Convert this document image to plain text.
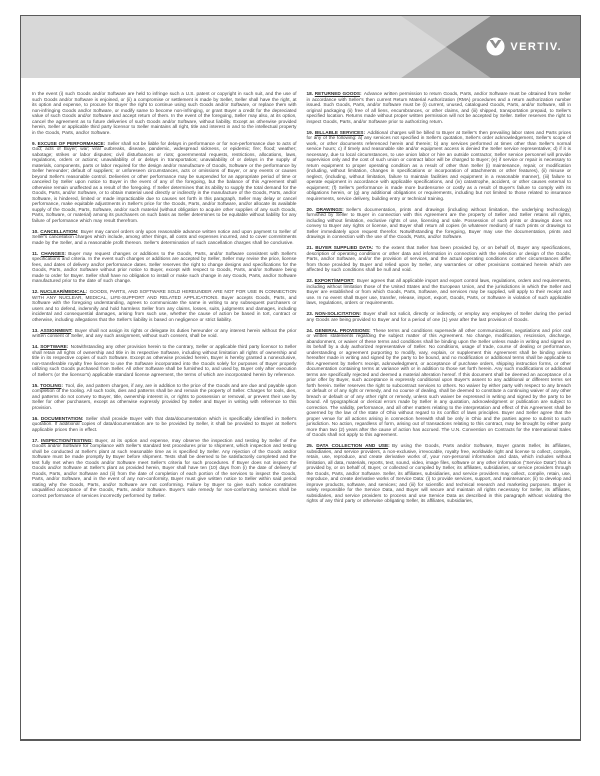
VERTIV.

In the event (i) such Goods and/or Software are held to infringe such a U.S. patent or copyright in such suit, and the use of such Goods and/or Software is enjoined, or (ii) a compromise or settlement is made by Seller, Seller shall have the right, at its option and expense, to procure for Buyer the right to continue using such Goods and/or Software, or replace them with non-infringing Goods and/or Software, or modify same to become non-infringing, or grant Buyer a credit for the depreciated value of such Goods and/or Software and accept return of them. In the event of the foregoing, Seller may also, at its option, cancel the agreement as to future deliveries of such Goods and/or Software, without liability. Except as otherwise provided herein, Seller or applicable third party licensor to Seller maintains all right, title and interest in and to the intellectual property in the Goods, Parts, and/or Software.

9. EXCUSE OF PERFORMANCE: Seller shall not be liable for delays in performance or for non-performance due to acts of God; acts of Buyer; war; viral outbreaks, disease, pandemic, widespread sickness, or epidemic; fire; flood; weather; sabotage; strikes or labor disputes; civil disturbances or riots; governmental requests, restrictions, allocations, laws, regulations, orders or actions; unavailability of or delays in transportation; unavailability of or delays in the supply of materials, components, parts or labor required for the design and/or manufacture of Goods, Software or the performance by Seller hereunder; default of suppliers; or unforeseen circumstances, acts or omissions of Buyer, or any events or causes beyond Seller's reasonable control. Deliveries or other performance may be suspended for an appropriate period of time or canceled by Seller upon notice to Buyer in the event of any of the foregoing, but the balance of this Agreement shall otherwise remain unaffected as a result of the foregoing. If Seller determines that its ability to supply the total demand for the Goods, Parts, and/or Software, or to obtain material used directly or indirectly in the manufacture of the Goods, Parts, and/or Software, is hindered, limited or made impracticable due to causes set forth in this paragraph, Seller may delay or cancel performance, make equitable adjustments in Seller's price for the Goods, Parts, and/or Software, and/or allocate its available supply of the Goods, Parts, Software, and/or such material (without obligation to acquire other supplies of any such Goods, Parts, Software, or material) among its purchasers on such basis as Seller determines to be equitable without liability for any failure of performance which may result therefrom.

10. CANCELLATION: Buyer may cancel orders only upon reasonable advance written notice and upon payment to Seller of Seller's cancellation charges which include, among other things, all costs and expenses incurred, and to cover commitments made by the Seller, and a reasonable profit thereon. Seller's determination of such cancellation charges shall be conclusive.

11. CHANGES: Buyer may request changes or additions to the Goods, Parts, and/or Software consistent with Seller's specifications and criteria. In the event such changes or additions are accepted by Seller, Seller may revise the price, license fees, and dates of delivery and/or performance dates. Seller reserves the right to change designs and specifications for the Goods, Parts, and/or Software without prior notice to Buyer, except with respect to Goods, Parts, and/or Software being made to order for Buyer. Seller shall have no obligation to install or make such change in any Goods, Parts, and/or Software manufactured prior to the date of such change.

12. NUCLEAR/MEDICAL: GOODS, PARTS, AND SOFTWARE SOLD HEREUNDER ARE NOT FOR USE IN CONNECTION WITH ANY NUCLEAR, MEDICAL, LIFE-SUPPORT AND RELATED APPLICATIONS. Buyer accepts Goods, Parts, and Software with the foregoing understanding, agrees to communicate the same in writing to any subsequent purchasers or users and to defend, indemnify and hold harmless Seller from any claims, losses, suits, judgments and damages, including incidental and consequential damages, arising from such use, whether the cause of action be based in tort, contract or otherwise, including allegations that the Seller's liability is based on negligence or strict liability.

13. ASSIGNMENT: Buyer shall not assign its rights or delegate its duties hereunder or any interest herein without the prior written consent of Seller, and any such assignment, without such consent, shall be void.

14. SOFTWARE: Notwithstanding any other provision herein to the contrary, Seller or applicable third party licensor to Seller shall retain all rights of ownership and title in its respective Software, including without limitation all rights of ownership and title in its respective copies of such Software. Except as otherwise provided herein, Buyer is hereby granted a nonexclusive, non-transferable royalty free license to use the Software incorporated into the Goods solely for purposes of Buyer properly utilizing such Goods purchased from Seller. All other Software shall be furnished to, and used by, Buyer only after execution of Seller's (or the licensor's) applicable standard license agreement, the terms of which are incorporated herein by reference.

15. TOOLING: Tool, die, and pattern charges, if any, are in addition to the price of the Goods and are due and payable upon completion of the tooling. All such tools, dies and patterns shall be and remain the property of Seller. Charges for tools, dies, and patterns do not convey to Buyer, title, ownership interest in, or rights to possession or removal, or prevent their use by Seller for other purchasers, except as otherwise expressly provided by Seller and Buyer in writing with reference to this provision.

16. DOCUMENTATION: Seller shall provide Buyer with that data/documentation which is specifically identified in Seller's quotation. If additional copies of data/documentation are to be provided by Seller, it shall be provided to Buyer at Seller's applicable prices then in effect.

17. INSPECTION/TESTING: Buyer, at its option and expense, may observe the inspection and testing by Seller of the Goods and/or Software for compliance with Seller's standard test procedures prior to shipment, which inspection and testing shall be conducted at Seller's plant at such reasonable time as is specified by Seller. Any rejection of the Goods and/or Software must be made promptly by Buyer before shipment. Tests shall be deemed to be satisfactorily completed and the test fully met when the Goods and/or Software meet Seller's criteria for such procedures. If Buyer does not inspect the Goods and/or Software at Seller's plant as provided herein, Buyer shall have ten (10) days from (i) the date of delivery of Goods, Parts, and/or Software and (ii) from the date of completion of each portion of the services to inspect the Goods, Parts, and/or Software, and in the event of any non-conformity, Buyer must give written notice to Seller within said period stating why the Goods, Parts, and/or Software are not conforming. Failure by Buyer to give such notice constitutes unqualified acceptance of the Goods, Parts, and/or Software. Buyer's sole remedy for non-conforming services shall be correct performance of services incorrectly performed by Seller.

18. RETURNED GOODS: Advance written permission to return Goods, Parts, and/or Software must be obtained from Seller in accordance with Seller's then current Return Material Authorization (RMA) procedures and a return authorization number issued. Such Goods, Parts, and/or Software must be (i) current, unused, catalogued Goods, Parts, and/or Software, still in original packaging (ii) free of all liens, encumbrances, or other claims, and (iii) shipped, transportation prepaid, to Seller's specified location. Returns made without proper written permission will not be accepted by Seller. Seller reserves the right to inspect Goods, Parts, and/or Software prior to authorizing return.

19. BILLABLE SERVICES: Additional charges will be billed to Buyer at Seller's then prevailing labor rates and Parts prices for any of the following: a) any services not specified in Seller's quotation, Seller's order acknowledgement, Seller's scope of work, or other documents referenced herein and therein; b) any services performed at times other than Seller's normal service hours; c) if timely and reasonable site and/or equipment access is denied the Seller service representative; d) if it is necessary, due to local circumstances, to use union labor or hire an outside contractor, Seller service personnel will provide supervision only and the cost of such union or contract labor will be charged to Buyer; (e) if service or repair is necessary to return equipment to proper operating condition as a result of other than Seller (i) maintenance, repair, or modification (including, without limitation, changes in specifications or incorporation of attachments or other features), (ii) misuse or neglect, (including, without limitation, failure to maintain facilities and equipment in a reasonable manner), (iii) failure to operate equipment in accordance with applicable specifications, and (iv) catastrophe, accident, or other causes external to equipment; (f) Seller's performance is made more burdensome or costly as a result of Buyer's failure to comply with its obligations herein, or (g) any additional obligations or requirements, including but not limited to those related to insurance requirements, service delivery, building entry or technical training.

20. DRAWINGS: Seller's documentation, prints and drawings (including without limitation, the underlying technology) furnished by Seller to Buyer in connection with this Agreement are the property of Seller and Seller retains all rights, including without limitation, exclusive rights of use, licensing and sale. Possession of such prints or drawings does not convey to Buyer any rights or license, and Buyer shall return all copies (in whatever medium) of such prints or drawings to Seller immediately upon request therefor. Notwithstanding the foregoing, Buyer may use the documentation, prints and drawings in connection with the use of the Goods, Parts, and/or Software.

21. BUYER SUPPLIED DATA: To the extent that Seller has been provided by, or on behalf of, Buyer any specifications, description of operating conditions or other data and information in connection with the selection or design of the Goods, Parts, and/or Software, and/or the provision of services, and the actual operating conditions or other circumstances differ from those provided by Buyer and relied upon by Seller, any warranties or other provisions contained herein which are affected by such conditions shall be null and void.

22. EXPORT/IMPORT: Buyer agrees that all applicable import and export control laws, regulations, orders and requirements, including without limitation those of the United States and the European Union, and the jurisdictions in which the Seller and Buyer are established or from which Goods, Parts, Software, and services may be supplied, will apply to their receipt and use. In no event shall Buyer use, transfer, release, import, export, Goods, Parts, or Software in violation of such applicable laws, regulations, orders or requirements.

23. NON-SOLICITATION: Buyer shall not solicit, directly or indirectly, or employ any employee of Seller during the period any Goods are being provided to Buyer and for a period of one (1) year after the last provision of Goods.

24. GENERAL PROVISIONS: These terms and conditions supersede all other communications, negotiations and prior oral or written statements regarding the subject matter of this Agreement. No change, modification, rescission, discharge, abandonment, or waiver of these terms and conditions shall be binding upon the Seller unless made in writing and signed on its behalf by a duly authorized representative of Seller. No conditions, usage of trade, course of dealing or performance, understanding or agreement purporting to modify, vary, explain, or supplement this Agreement shall be binding unless hereafter made in writing and signed by the party to be bound, and no modification or additional terms shall be applicable to this Agreement by Seller's receipt, acknowledgment, or acceptance of purchase orders, shipping instruction forms, or other documentation containing terms at variance with or in addition to those set forth herein. Any such modifications or additional terms are specifically rejected and deemed a material alteration hereof. If this document shall be deemed an acceptance of a prior offer by Buyer, such acceptance is expressly conditional upon Buyer's assent to any additional or different terms set forth herein. Seller reserves the right to subcontract services to others. No waiver by either party with respect to any breach or default or of any right or remedy, and no course of dealing, shall be deemed to constitute a continuing waiver of any other breach or default or of any other right or remedy, unless such waiver be expressed in writing and signed by the party to be bound. All typographical or clerical errors made by Seller in any quotation, acknowledgment or publication are subject to correction. The validity, performance, and all other matters relating to the interpretation and effect of this Agreement shall be governed by the law of the state of Ohio without regard to its conflict of laws principles. Buyer and Seller agree that the proper venue for all actions arising in connection herewith shall be only in Ohio and the parties agree to submit to such jurisdiction. No action, regardless of form, arising out of transactions relating to this contract, may be brought by either party more than two (2) years after the cause of action has accrued. The U.N. Convention on Contracts for the International Sales of Goods shall not apply to this agreement.

25. DATA COLLECTION AND USE: By using the Goods, Parts and/or Software, Buyer grants Seller, its affiliates, subsidiaries, and service providers, a non-exclusive, irrevocable, royalty free, worldwide right and license to collect, compile, retain, use, reproduce, and create derivative works of, your non-personal information and data, which includes without limitation, all data, materials, reports, text, sound, video, image files, software or any other information ("Service Data") that is provided by, or on behalf of, Buyer, or collected or compiled by Seller, its affiliates, subsidiaries, or service providers through the Goods, Parts, and/or Software. Seller, its affiliates, subsidiaries, and service providers may collect, compile, retain, use, reproduce, and create derivative works of Service Data: (i) to provide services, support, and maintenance; (ii) to develop and improve products, software, and services; and (iii) for scientific and technical research and marketing purposes. Buyer is solely responsible for the Service Data, and Buyer will secure and maintain all rights necessary for Seller, its affiliates, subsidiaries, and service providers to process and use Service Data as described in this paragraph without violating the rights of any third party or otherwise obligating Seller, its affiliates, subsidiaries,
